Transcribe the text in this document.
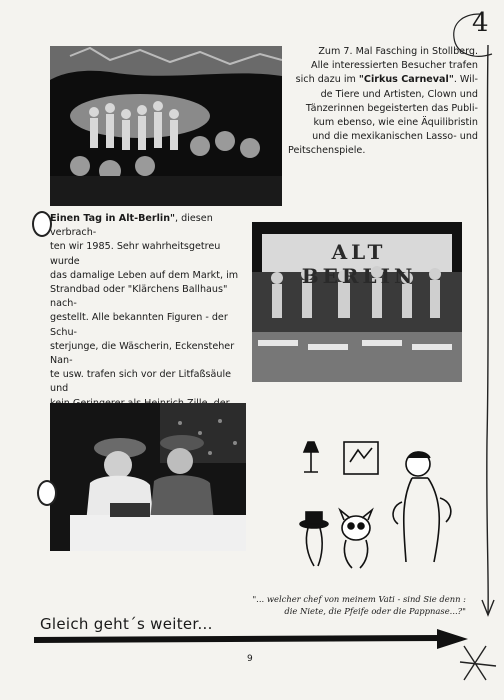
4
Zum 7. Mal Fasching in Stollberg.
Alle interessierten Besucher trafen
sich dazu im "Cirkus Carneval". Wil-
de Tiere und Artisten, Clown und
Tänzerinnen begeisterten das Publi-
kum ebenso, wie eine Äquilibristin
und die mexikanischen Lasso- und
Peitschenspiele.
Einen Tag in Alt-Berlin", diesen verbrach-
ten wir 1985. Sehr wahrheitsgetreu wurde
das damalige Leben auf dem Markt, im
Strandbad oder "Klärchens Ballhaus" nach-
gestellt. Alle bekannten Figuren - der Schu-
sterjunge, die Wäscherin, Eckensteher Nan-
te usw. trafen sich vor der Litfaßsäule und
ALT BERLIN
"... welcher chef von meinem Vati - sind Sie denn :
die Niete, die Pfeife oder die Pappnase...?"
Gleich geht´s weiter...
9
